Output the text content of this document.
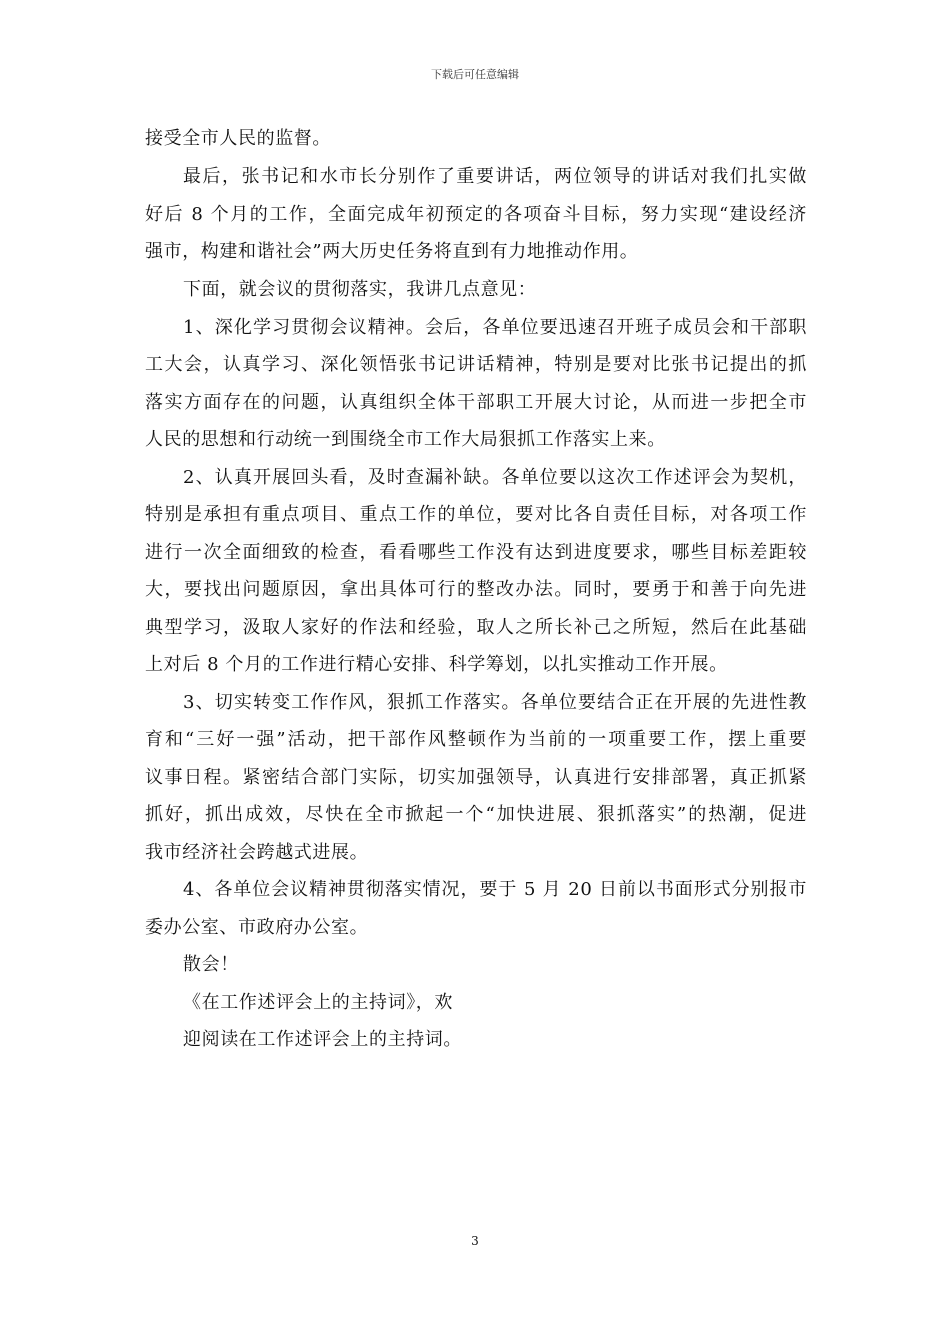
下载后可任意编辑
接受全市人民的监督。
最后，张书记和水市长分别作了重要讲话，两位领导的讲话对我们扎实做
好后 8 个月的工作，全面完成年初预定的各项奋斗目标，努力实现“建设经济
强市，构建和谐社会”两大历史任务将直到有力地推动作用。
下面，就会议的贯彻落实，我讲几点意见：
1、深化学习贯彻会议精神。会后，各单位要迅速召开班子成员会和干部职
工大会，认真学习、深化领悟张书记讲话精神，特别是要对比张书记提出的抓
落实方面存在的问题，认真组织全体干部职工开展大讨论，从而进一步把全市
人民的思想和行动统一到围绕全市工作大局狠抓工作落实上来。
2、认真开展回头看，及时查漏补缺。各单位要以这次工作述评会为契机，
特别是承担有重点项目、重点工作的单位，要对比各自责任目标，对各项工作
进行一次全面细致的检查，看看哪些工作没有达到进度要求，哪些目标差距较
大，要找出问题原因，拿出具体可行的整改办法。同时，要勇于和善于向先进
典型学习，汲取人家好的作法和经验，取人之所长补己之所短，然后在此基础
上对后 8 个月的工作进行精心安排、科学筹划，以扎实推动工作开展。
3、切实转变工作作风，狠抓工作落实。各单位要结合正在开展的先进性教
育和“三好一强”活动，把干部作风整顿作为当前的一项重要工作，摆上重要
议事日程。紧密结合部门实际，切实加强领导，认真进行安排部署，真正抓紧
抓好，抓出成效，尽快在全市掀起一个“加快进展、狠抓落实”的热潮，促进
我市经济社会跨越式进展。
4、各单位会议精神贯彻落实情况，要于 5 月 20 日前以书面形式分别报市
委办公室、市政府办公室。
散会！
《在工作述评会上的主持词》，欢
迎阅读在工作述评会上的主持词。
3
